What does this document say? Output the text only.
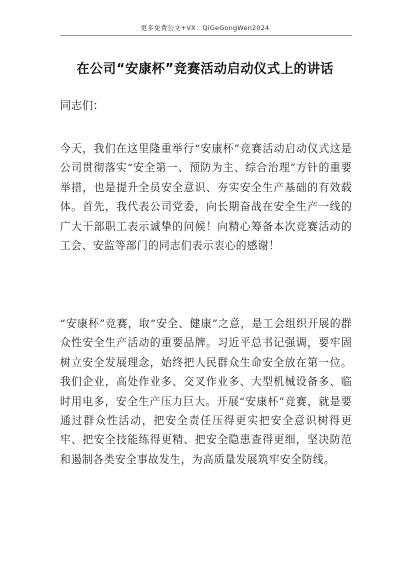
更多免费公文+VX：QiGeGongWen2024
在公司“安康杯”竞赛活动启动仪式上的讲话
同志们：

今天，我们在这里隆重举行“安康杯”竞赛活动启动仪式这是公司贯彻落实“安全第一、预防为主、综合治理”方针的重要举措，也是提升全员安全意识、夯实安全生产基础的有效载体。首先，我代表公司党委，向长期奋战在安全生产一线的广大干部职工表示诚挚的问候！向精心筹备本次竞赛活动的工会、安监等部门的同志们表示衷心的感谢！

“安康杯”竞赛，取“安全、健康”之意，是工会组织开展的群众性安全生产活动的重要品牌。习近平总书记强调，要牢固树立安全发展理念，始终把人民群众生命安全放在第一位。我们企业，高处作业多、交叉作业多、大型机械设备多、临时用电多，安全生产压力巨大。开展“安康杯”竞赛，就是要通过群众性活动，把安全责任压得更实把安全意识树得更牢、把安全技能练得更精、把安全隐患查得更细，坚决防范和遏制各类安全事故发生，为高质量发展筑牢安全防线。
